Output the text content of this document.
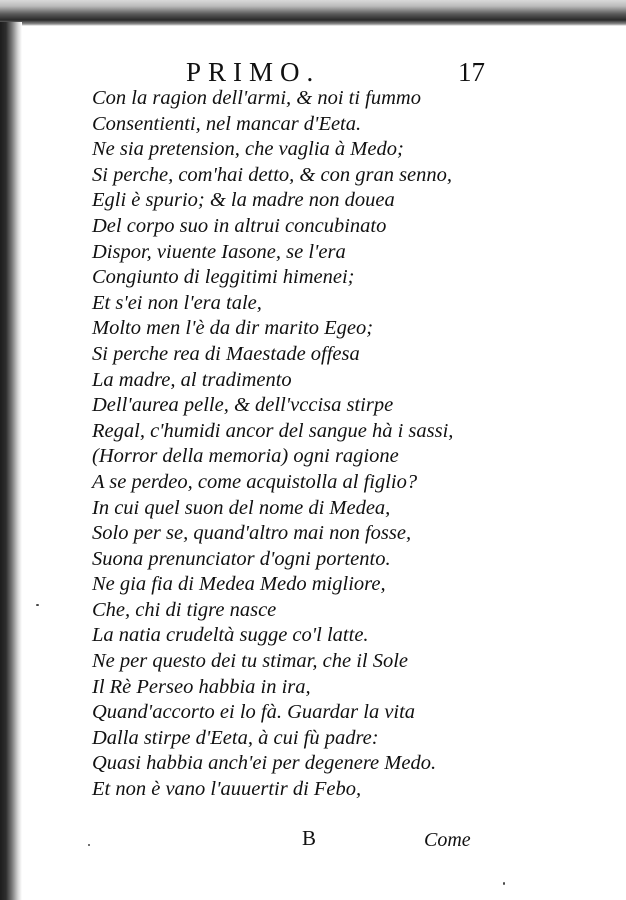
PRIMO.	17
Con la ragion dell'armi, & noi ti fummo
Consentienti, nel mancar d'Eeta.
Ne sia pretension, che vaglia à Medo;
Si perche, com'hai detto, & con gran senno,
Egli è spurio; & la madre non douea
Del corpo suo in altrui concubinato
Dispor, viuente Iasone, se l'era
Congiunto di leggitimi himenei;
Et s'ei non l'era tale,
Molto men l'è da dir marito Egeo;
Si perche rea di Maestade offesa
La madre, al tradimento
Dell'aurea pelle, & dell'vccisa stirpe
Regal, c'humidi ancor del sangue hà i sassi,
(Horror della memoria) ogni ragione
A se perdeo, come acquistolla al figlio?
In cui quel suon del nome di Medea,
Solo per se, quand'altro mai non fosse,
Suona prenunciator d'ogni portento.
Ne gia fia di Medea Medo migliore,
Che, chi di tigre nasce
La natia crudeltà sugge co'l latte.
Ne per questo dei tu stimar, che il Sole
Il Rè Perseo habbia in ira,
Quand'accorto ei lo fà. Guardar la vita
Dalla stirpe d'Eeta, à cui fù padre:
Quasi habbia anch'ei per degenere Medo.
Et non è vano l'auuertir di Febo,
B	Come
